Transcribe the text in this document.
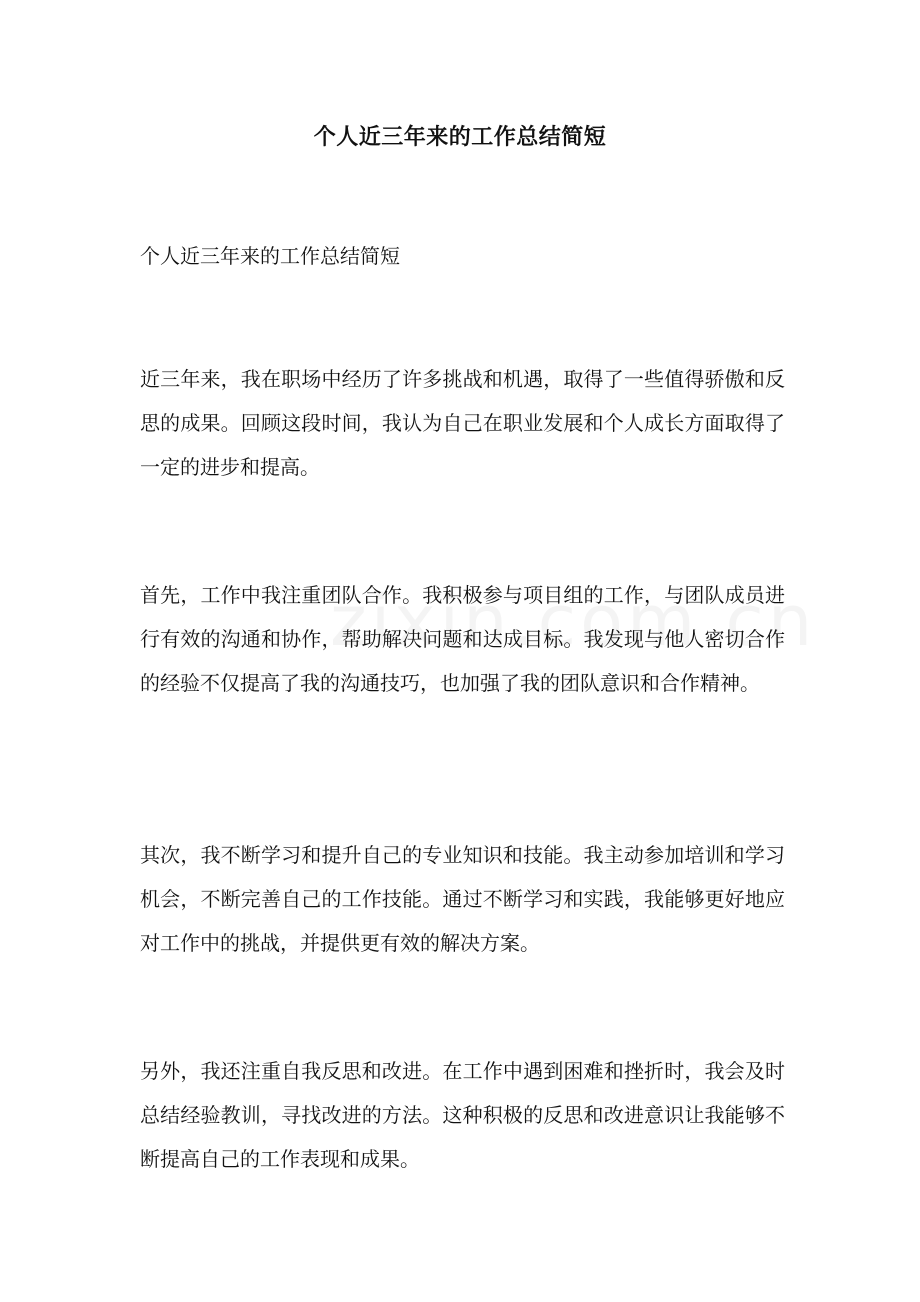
个人近三年来的工作总结简短
个人近三年来的工作总结简短
近三年来，我在职场中经历了许多挑战和机遇，取得了一些值得骄傲和反思的成果。回顾这段时间，我认为自己在职业发展和个人成长方面取得了一定的进步和提高。
首先，工作中我注重团队合作。我积极参与项目组的工作，与团队成员进行有效的沟通和协作，帮助解决问题和达成目标。我发现与他人密切合作的经验不仅提高了我的沟通技巧，也加强了我的团队意识和合作精神。
其次，我不断学习和提升自己的专业知识和技能。我主动参加培训和学习机会，不断完善自己的工作技能。通过不断学习和实践，我能够更好地应对工作中的挑战，并提供更有效的解决方案。
另外，我还注重自我反思和改进。在工作中遇到困难和挫折时，我会及时总结经验教训，寻找改进的方法。这种积极的反思和改进意识让我能够不断提高自己的工作表现和成果。
